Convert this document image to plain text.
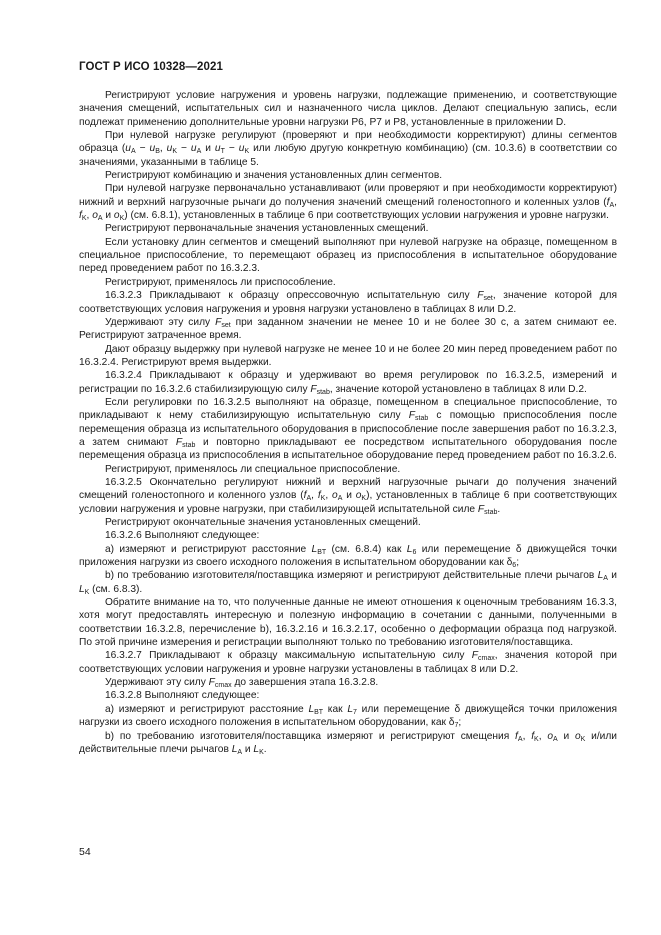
ГОСТ Р ИСО 10328—2021

Регистрируют условие нагружения и уровень нагрузки, подлежащие применению, и соответствующие значения смещений, испытательных сил и назначенного числа циклов. Делают специальную запись, если подлежат применению дополнительные уровни нагрузки P6, P7 и P8, установленные в приложении D.

При нулевой нагрузке регулируют (проверяют и при необходимости корректируют) длины сегментов образца ($u_A - u_B$, $u_K - u_A$ и $u_T - u_K$ или любую другую конкретную комбинацию) (см. 10.3.6) в соответствии со значениями, указанными в таблице 5.

Регистрируют комбинацию и значения установленных длин сегментов.

При нулевой нагрузке первоначально устанавливают (или проверяют и при необходимости корректируют) нижний и верхний нагрузочные рычаги до получения значений смещений голеностопного и коленных узлов ($f_A$, $f_K$, $o_A$ и $o_K$) (см. 6.8.1), установленных в таблице 6 при соответствующих условии нагружения и уровне нагрузки.

Регистрируют первоначальные значения установленных смещений.

Если установку длин сегментов и смещений выполняют при нулевой нагрузке на образце, помещенном в специальное приспособление, то перемещают образец из приспособления в испытательное оборудование перед проведением работ по 16.3.2.3.

Регистрируют, применялось ли приспособление.

16.3.2.3 Прикладывают к образцу опрессовочную испытательную силу $F_{set}$, значение которой для соответствующих условия нагружения и уровня нагрузки установлено в таблицах 8 или D.2.

Удерживают эту силу $F_{set}$ при заданном значении не менее 10 и не более 30 с, а затем снимают ее. Регистрируют затраченное время.

Дают образцу выдержку при нулевой нагрузке не менее 10 и не более 20 мин перед проведением работ по 16.3.2.4. Регистрируют время выдержки.

16.3.2.4 Прикладывают к образцу и удерживают во время регулировок по 16.3.2.5, измерений и регистрации по 16.3.2.6 стабилизирующую силу $F_{stab}$, значение которой установлено в таблицах 8 или D.2.

Если регулировки по 16.3.2.5 выполняют на образце, помещенном в специальное приспособление, то прикладывают к нему стабилизирующую испытательную силу $F_{stab}$ с помощью приспособления после перемещения образца из испытательного оборудования в приспособление после завершения работ по 16.3.2.3, а затем снимают $F_{stab}$ и повторно прикладывают ее посредством испытательного оборудования после перемещения образца из приспособления в испытательное оборудование перед проведением работ по 16.3.2.6.

Регистрируют, применялось ли специальное приспособление.

16.3.2.5 Окончательно регулируют нижний и верхний нагрузочные рычаги до получения значений смещений голеностопного и коленного узлов ($f_A$, $f_K$, $o_A$ и $o_K$), установленных в таблице 6 при соответствующих условии нагружения и уровне нагрузки, при стабилизирующей испытательной силе $F_{stab}$.

Регистрируют окончательные значения установленных смещений.

16.3.2.6 Выполняют следующее:

а) измеряют и регистрируют расстояние $L_{BT}$ (см. 6.8.4) как $L_6$ или перемещение δ движущейся точки приложения нагрузки из своего исходного положения в испытательном оборудовании как $\delta_6$;

b) по требованию изготовителя/поставщика измеряют и регистрируют действительные плечи рычагов $L_A$ и $L_K$ (см. 6.8.3).

Обратите внимание на то, что полученные данные не имеют отношения к оценочным требованиям 16.3.3, хотя могут предоставлять интересную и полезную информацию в сочетании с данными, полученными в соответствии 16.3.2.8, перечисление b), 16.3.2.16 и 16.3.2.17, особенно о деформации образца под нагрузкой. По этой причине измерения и регистрации выполняют только по требованию изготовителя/поставщика.

16.3.2.7 Прикладывают к образцу максимальную испытательную силу $F_{cmax}$, значения которой при соответствующих условии нагружения и уровне нагрузки установлены в таблицах 8 или D.2.

Удерживают эту силу $F_{cmax}$ до завершения этапа 16.3.2.8.

16.3.2.8 Выполняют следующее:

а) измеряют и регистрируют расстояние $L_{BT}$ как $L_7$ или перемещение δ движущейся точки приложения нагрузки из своего исходного положения в испытательном оборудовании, как $\delta_7$;

b) по требованию изготовителя/поставщика измеряют и регистрируют смещения $f_A$, $f_K$, $o_A$ и $o_K$ и/или действительные плечи рычагов $L_A$ и $L_K$.

54
